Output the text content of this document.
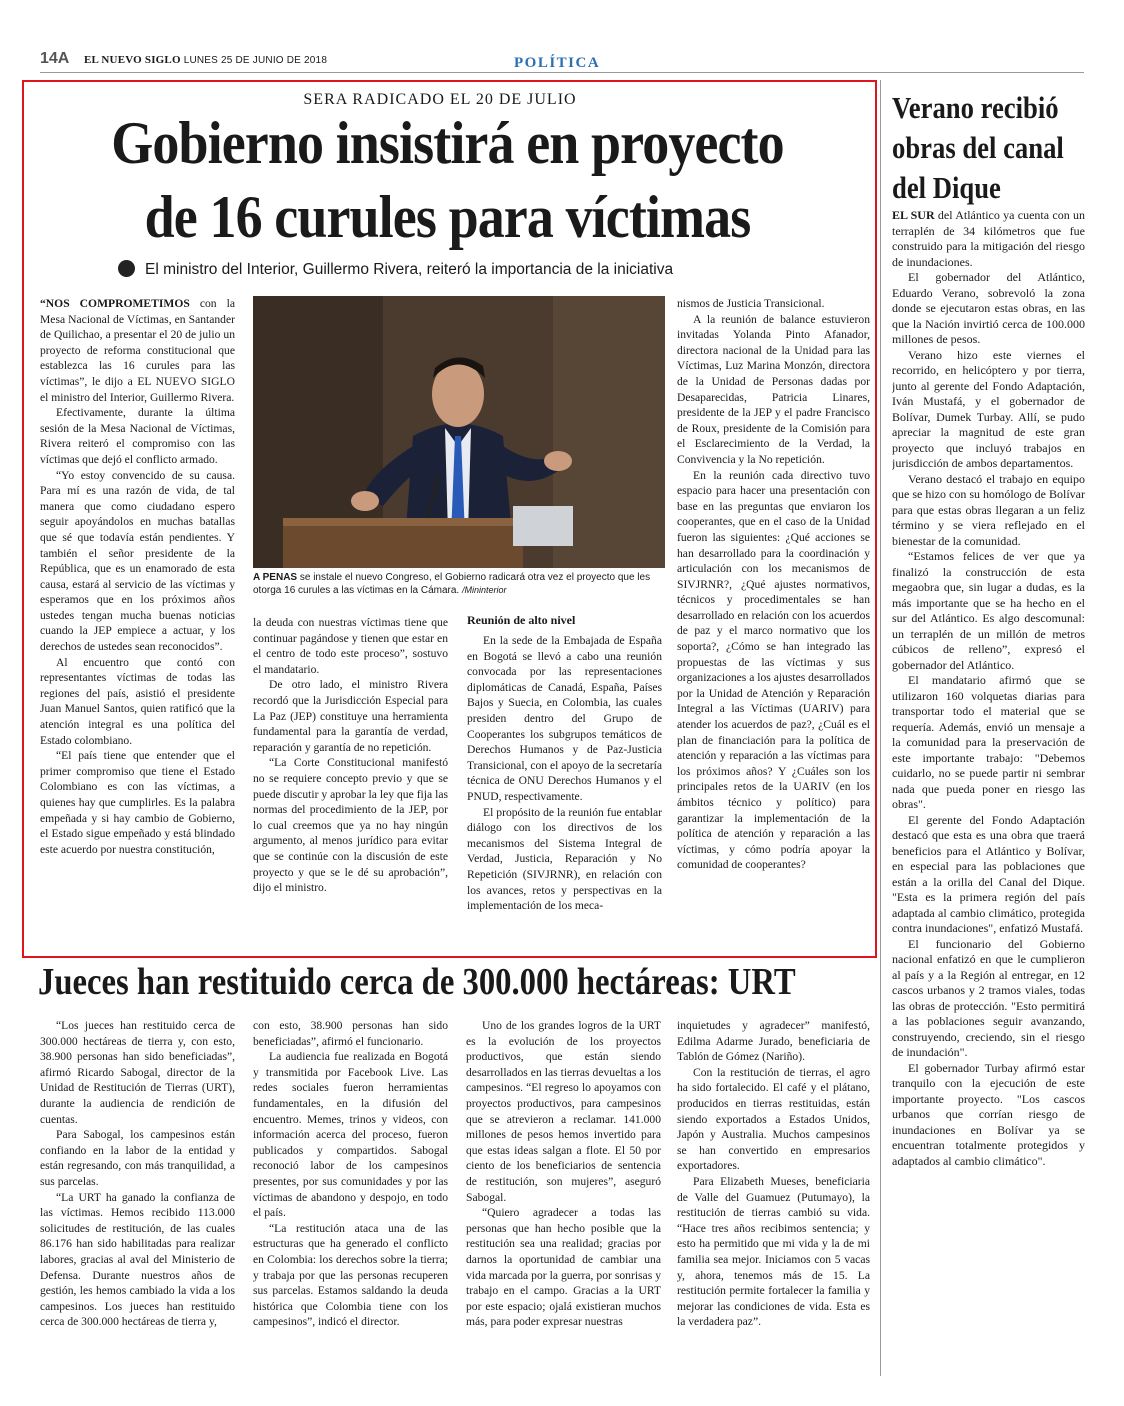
14A EL NUEVO SIGLO LUNES 25 DE JUNIO DE 2018	POLÍTICA
SERA RADICADO EL 20 DE JULIO
Gobierno insistirá en proyecto
de 16 curules para víctimas
El ministro del Interior, Guillermo Rivera, reiteró la importancia de la iniciativa

“NOS COMPROMETIMOS con la Mesa Nacional de Víctimas, en Santander de Quilichao, a presentar el 20 de julio un proyecto de reforma constitucional que establezca las 16 curules para las víctimas”, le dijo a EL NUEVO SIGLO el ministro del Interior, Guillermo Rivera.

Efectivamente, durante la última sesión de la Mesa Nacional de Víctimas, Rivera reiteró el compromiso con las víctimas que dejó el conflicto armado.

“Yo estoy convencido de su causa. Para mí es una razón de vida, de tal manera que como ciudadano espero seguir apoyándolos en muchas batallas que sé que todavía están pendientes. Y también el señor presidente de la República, que es un enamorado de esta causa, estará al servicio de las víctimas y esperamos que en los próximos años ustedes tengan mucha buenas noticias cuando la JEP empiece a actuar, y los derechos de ustedes sean reconocidos”.

Al encuentro que contó con representantes víctimas de todas las regiones del país, asistió el presidente Juan Manuel Santos, quien ratificó que la atención integral es una política del Estado colombiano.

“El país tiene que entender que el primer compromiso que tiene el Estado Colombiano es con las víctimas, a quienes hay que cumplirles. Es la palabra empeñada y si hay cambio de Gobierno, el Estado sigue empeñado y está blindado este acuerdo por nuestra constitución,

A PENAS se instale el nuevo Congreso, el Gobierno radicará otra vez el proyecto que les otorga 16 curules a las víctimas en la Cámara. /Mininterior

la deuda con nuestras víctimas tiene que continuar pagándose y tienen que estar en el centro de todo este proceso”, sostuvo el mandatario.

De otro lado, el ministro Rivera recordó que la Jurisdicción Especial para La Paz (JEP) constituye una herramienta fundamental para la garantía de verdad, reparación y garantía de no repetición.

“La Corte Constitucional manifestó no se requiere concepto previo y que se puede discutir y aprobar la ley que fija las normas del procedimiento de la JEP, por lo cual creemos que ya no hay ningún argumento, al menos jurídico para evitar que se continúe con la discusión de este proyecto y que se le dé su aprobación”, dijo el ministro.

Reunión de alto nivel

En la sede de la Embajada de España en Bogotá se llevó a cabo una reunión convocada por las representaciones diplomáticas de Canadá, España, Países Bajos y Suecia, en Colombia, las cuales presiden dentro del Grupo de Cooperantes los subgrupos temáticos de Derechos Humanos y de Paz-Justicia Transicional, con el apoyo de la secretaría técnica de ONU Derechos Humanos y el PNUD, respectivamente.

El propósito de la reunión fue entablar diálogo con los directivos de los mecanismos del Sistema Integral de Verdad, Justicia, Reparación y No Repetición (SIVJRNR), en relación con los avances, retos y perspectivas en la implementación de los meca-

nismos de Justicia Transicional.

A la reunión de balance estuvieron invitadas Yolanda Pinto Afanador, directora nacional de la Unidad para las Víctimas, Luz Marina Monzón, directora de la Unidad de Personas dadas por Desaparecidas, Patricia Linares, presidente de la JEP y el padre Francisco de Roux, presidente de la Comisión para el Esclarecimiento de la Verdad, la Convivencia y la No repetición.

En la reunión cada directivo tuvo espacio para hacer una presentación con base en las preguntas que enviaron los cooperantes, que en el caso de la Unidad fueron las siguientes: ¿Qué acciones se han desarrollado para la coordinación y articulación con los mecanismos de SIVJRNR?, ¿Qué ajustes normativos, técnicos y procedimentales se han desarrollado en relación con los acuerdos de paz y el marco normativo que los soporta?, ¿Cómo se han integrado las propuestas de las víctimas y sus organizaciones a los ajustes desarrollados por la Unidad de Atención y Reparación Integral a las Víctimas (UARIV) para atender los acuerdos de paz?, ¿Cuál es el plan de financiación para la política de atención y reparación a las víctimas para los próximos años? Y ¿Cuáles son los principales retos de la UARIV (en los ámbitos técnico y político) para garantizar la implementación de la política de atención y reparación a las víctimas, y cómo podría apoyar la comunidad de cooperantes?

Verano recibió obras del canal del Dique

EL SUR del Atlántico ya cuenta con un terraplén de 34 kilómetros que fue construido para la mitigación del riesgo de inundaciones.

El gobernador del Atlántico, Eduardo Verano, sobrevoló la zona donde se ejecutaron estas obras, en las que la Nación invirtió cerca de 100.000 millones de pesos.

Verano hizo este viernes el recorrido, en helicóptero y por tierra, junto al gerente del Fondo Adaptación, Iván Mustafá, y el gobernador de Bolívar, Dumek Turbay. Allí, se pudo apreciar la magnitud de este gran proyecto que incluyó trabajos en jurisdicción de ambos departamentos.

Verano destacó el trabajo en equipo que se hizo con su homólogo de Bolívar para que estas obras llegaran a un feliz término y se viera reflejado en el bienestar de la comunidad.

“Estamos felices de ver que ya finalizó la construcción de esta megaobra que, sin lugar a dudas, es la más importante que se ha hecho en el sur del Atlántico. Es algo descomunal: un terraplén de un millón de metros cúbicos de relleno”, expresó el gobernador del Atlántico.

El mandatario afirmó que se utilizaron 160 volquetas diarias para transportar todo el material que se requería. Además, envió un mensaje a la comunidad para la preservación de este importante trabajo: "Debemos cuidarlo, no se puede partir ni sembrar nada que pueda poner en riesgo las obras".

El gerente del Fondo Adaptación destacó que esta es una obra que traerá beneficios para el Atlántico y Bolívar, en especial para las poblaciones que están a la orilla del Canal del Dique. "Esta es la primera región del país adaptada al cambio climático, protegida contra inundaciones", enfatizó Mustafá.

El funcionario del Gobierno nacional enfatizó en que le cumplieron al país y a la Región al entregar, en 12 cascos urbanos y 2 tramos viales, todas las obras de protección. "Esto permitirá a las poblaciones seguir avanzando, construyendo, creciendo, sin el riesgo de inundación".

El gobernador Turbay afirmó estar tranquilo con la ejecución de este importante proyecto. "Los cascos urbanos que corrían riesgo de inundaciones en Bolívar ya se encuentran totalmente protegidos y adaptados al cambio climático".

Jueces han restituido cerca de 300.000 hectáreas: URT

“Los jueces han restituido cerca de 300.000 hectáreas de tierra y, con esto, 38.900 personas han sido beneficiadas”, afirmó Ricardo Sabogal, director de la Unidad de Restitución de Tierras (URT), durante la audiencia de rendición de cuentas.

Para Sabogal, los campesinos están confiando en la labor de la entidad y están regresando, con más tranquilidad, a sus parcelas.

“La URT ha ganado la confianza de las víctimas. Hemos recibido 113.000 solicitudes de restitución, de las cuales 86.176 han sido habilitadas para realizar labores, gracias al aval del Ministerio de Defensa. Durante nuestros años de gestión, les hemos cambiado la vida a los campesinos. Los jueces han restituido cerca de 300.000 hectáreas de tierra y,

con esto, 38.900 personas han sido beneficiadas”, afirmó el funcionario.

La audiencia fue realizada en Bogotá y transmitida por Facebook Live. Las redes sociales fueron herramientas fundamentales, en la difusión del encuentro. Memes, trinos y videos, con información acerca del proceso, fueron publicados y compartidos. Sabogal reconoció labor de los campesinos presentes, por sus comunidades y por las víctimas de abandono y despojo, en todo el país.

“La restitución ataca una de las estructuras que ha generado el conflicto en Colombia: los derechos sobre la tierra; y trabaja por que las personas recuperen sus parcelas. Estamos saldando la deuda histórica que Colombia tiene con los campesinos”, indicó el director.

Uno de los grandes logros de la URT es la evolución de los proyectos productivos, que están siendo desarrollados en las tierras devueltas a los campesinos. “El regreso lo apoyamos con proyectos productivos, para campesinos que se atrevieron a reclamar. 141.000 millones de pesos hemos invertido para que estas ideas salgan a flote. El 50 por ciento de los beneficiarios de sentencia de restitución, son mujeres”, aseguró Sabogal.

“Quiero agradecer a todas las personas que han hecho posible que la restitución sea una realidad; gracias por darnos la oportunidad de cambiar una vida marcada por la guerra, por sonrisas y trabajo en el campo. Gracias a la URT por este espacio; ojalá existieran muchos más, para poder expresar nuestras

inquietudes y agradecer” manifestó, Edilma Adarme Jurado, beneficiaria de Tablón de Gómez (Nariño).

Con la restitución de tierras, el agro ha sido fortalecido. El café y el plátano, producidos en tierras restituidas, están siendo exportados a Estados Unidos, Japón y Australia. Muchos campesinos se han convertido en empresarios exportadores.

Para Elizabeth Mueses, beneficiaria de Valle del Guamuez (Putumayo), la restitución de tierras cambió su vida. “Hace tres años recibimos sentencia; y esto ha permitido que mi vida y la de mi familia sea mejor. Iniciamos con 5 vacas y, ahora, tenemos más de 15. La restitución permite fortalecer la familia y mejorar las condiciones de vida. Esta es la verdadera paz”.
